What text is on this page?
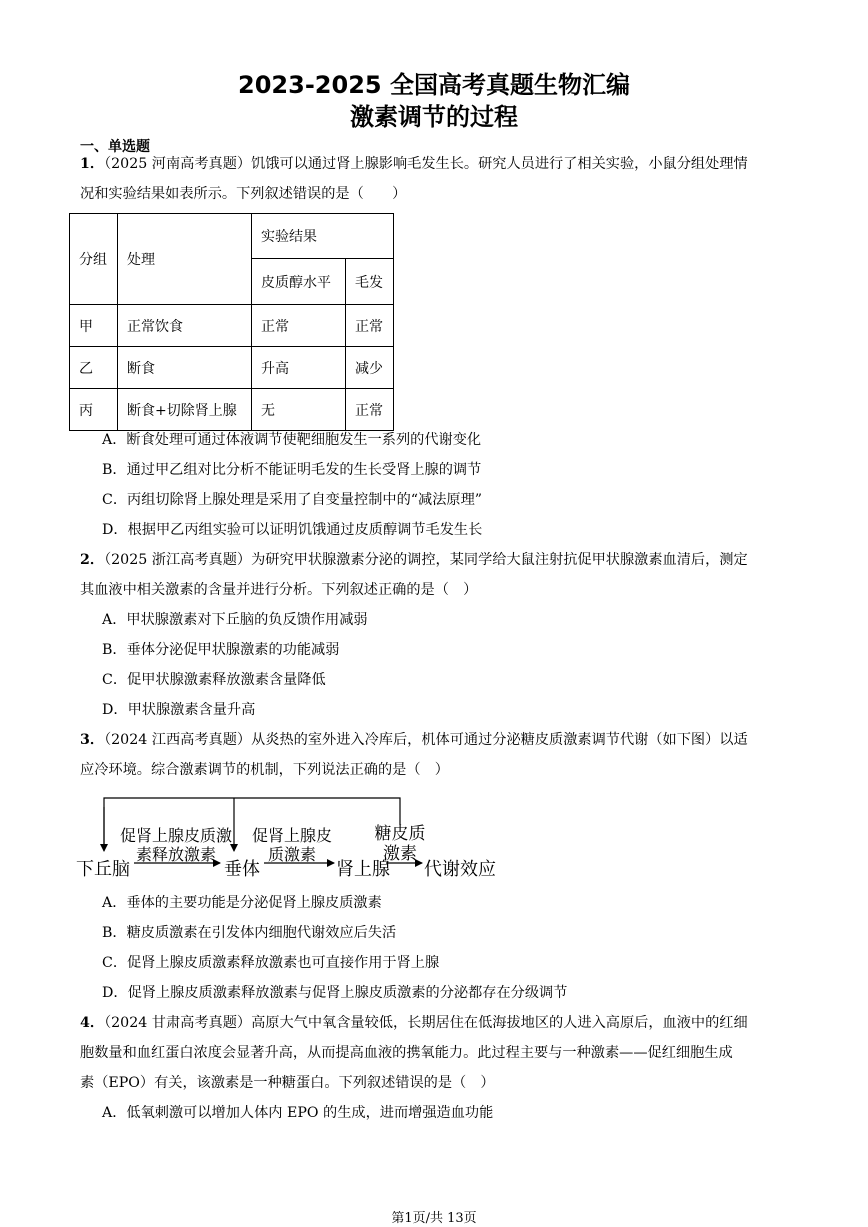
2023-2025 全国高考真题生物汇编
激素调节的过程
一、单选题
1．（2025 河南高考真题）饥饿可以通过肾上腺影响毛发生长。研究人员进行了相关实验，小鼠分组处理情
况和实验结果如表所示。下列叙述错误的是（　　）
分组	处理	实验结果	
		皮质醇水平	毛发
甲	正常饮食	正常	正常
乙	断食	升高	减少
丙	断食+切除肾上腺	无	正常
A．断食处理可通过体液调节使靶细胞发生一系列的代谢变化
B．通过甲乙组对比分析不能证明毛发的生长受肾上腺的调节
C．丙组切除肾上腺处理是采用了自变量控制中的“减法原理”
D．根据甲乙丙组实验可以证明饥饿通过皮质醇调节毛发生长
2．（2025 浙江高考真题）为研究甲状腺激素分泌的调控，某同学给大鼠注射抗促甲状腺激素血清后，测定
其血液中相关激素的含量并进行分析。下列叙述正确的是（　）
A．甲状腺激素对下丘脑的负反馈作用减弱
B．垂体分泌促甲状腺激素的功能减弱
C．促甲状腺激素释放激素含量降低
D．甲状腺激素含量升高
3．（2024 江西高考真题）从炎热的室外进入冷库后，机体可通过分泌糖皮质激素调节代谢（如下图）以适
应冷环境。综合激素调节的机制，下列说法正确的是（　）
促肾上腺皮质激
素释放激素
促肾上腺皮
质激素
糖皮质
激素
下丘脑	垂体	肾上腺 代谢效应
A．垂体的主要功能是分泌促肾上腺皮质激素
B．糖皮质激素在引发体内细胞代谢效应后失活
C．促肾上腺皮质激素释放激素也可直接作用于肾上腺
D．促肾上腺皮质激素释放激素与促肾上腺皮质激素的分泌都存在分级调节
4．（2024 甘肃高考真题）高原大气中氧含量较低，长期居住在低海拔地区的人进入高原后，血液中的红细
胞数量和血红蛋白浓度会显著升高，从而提高血液的携氧能力。此过程主要与一种激素——促红细胞生成
素（EPO）有关，该激素是一种糖蛋白。下列叙述错误的是（　）
A．低氧刺激可以增加人体内 EPO 的生成，进而增强造血功能
第1页/共 13页
